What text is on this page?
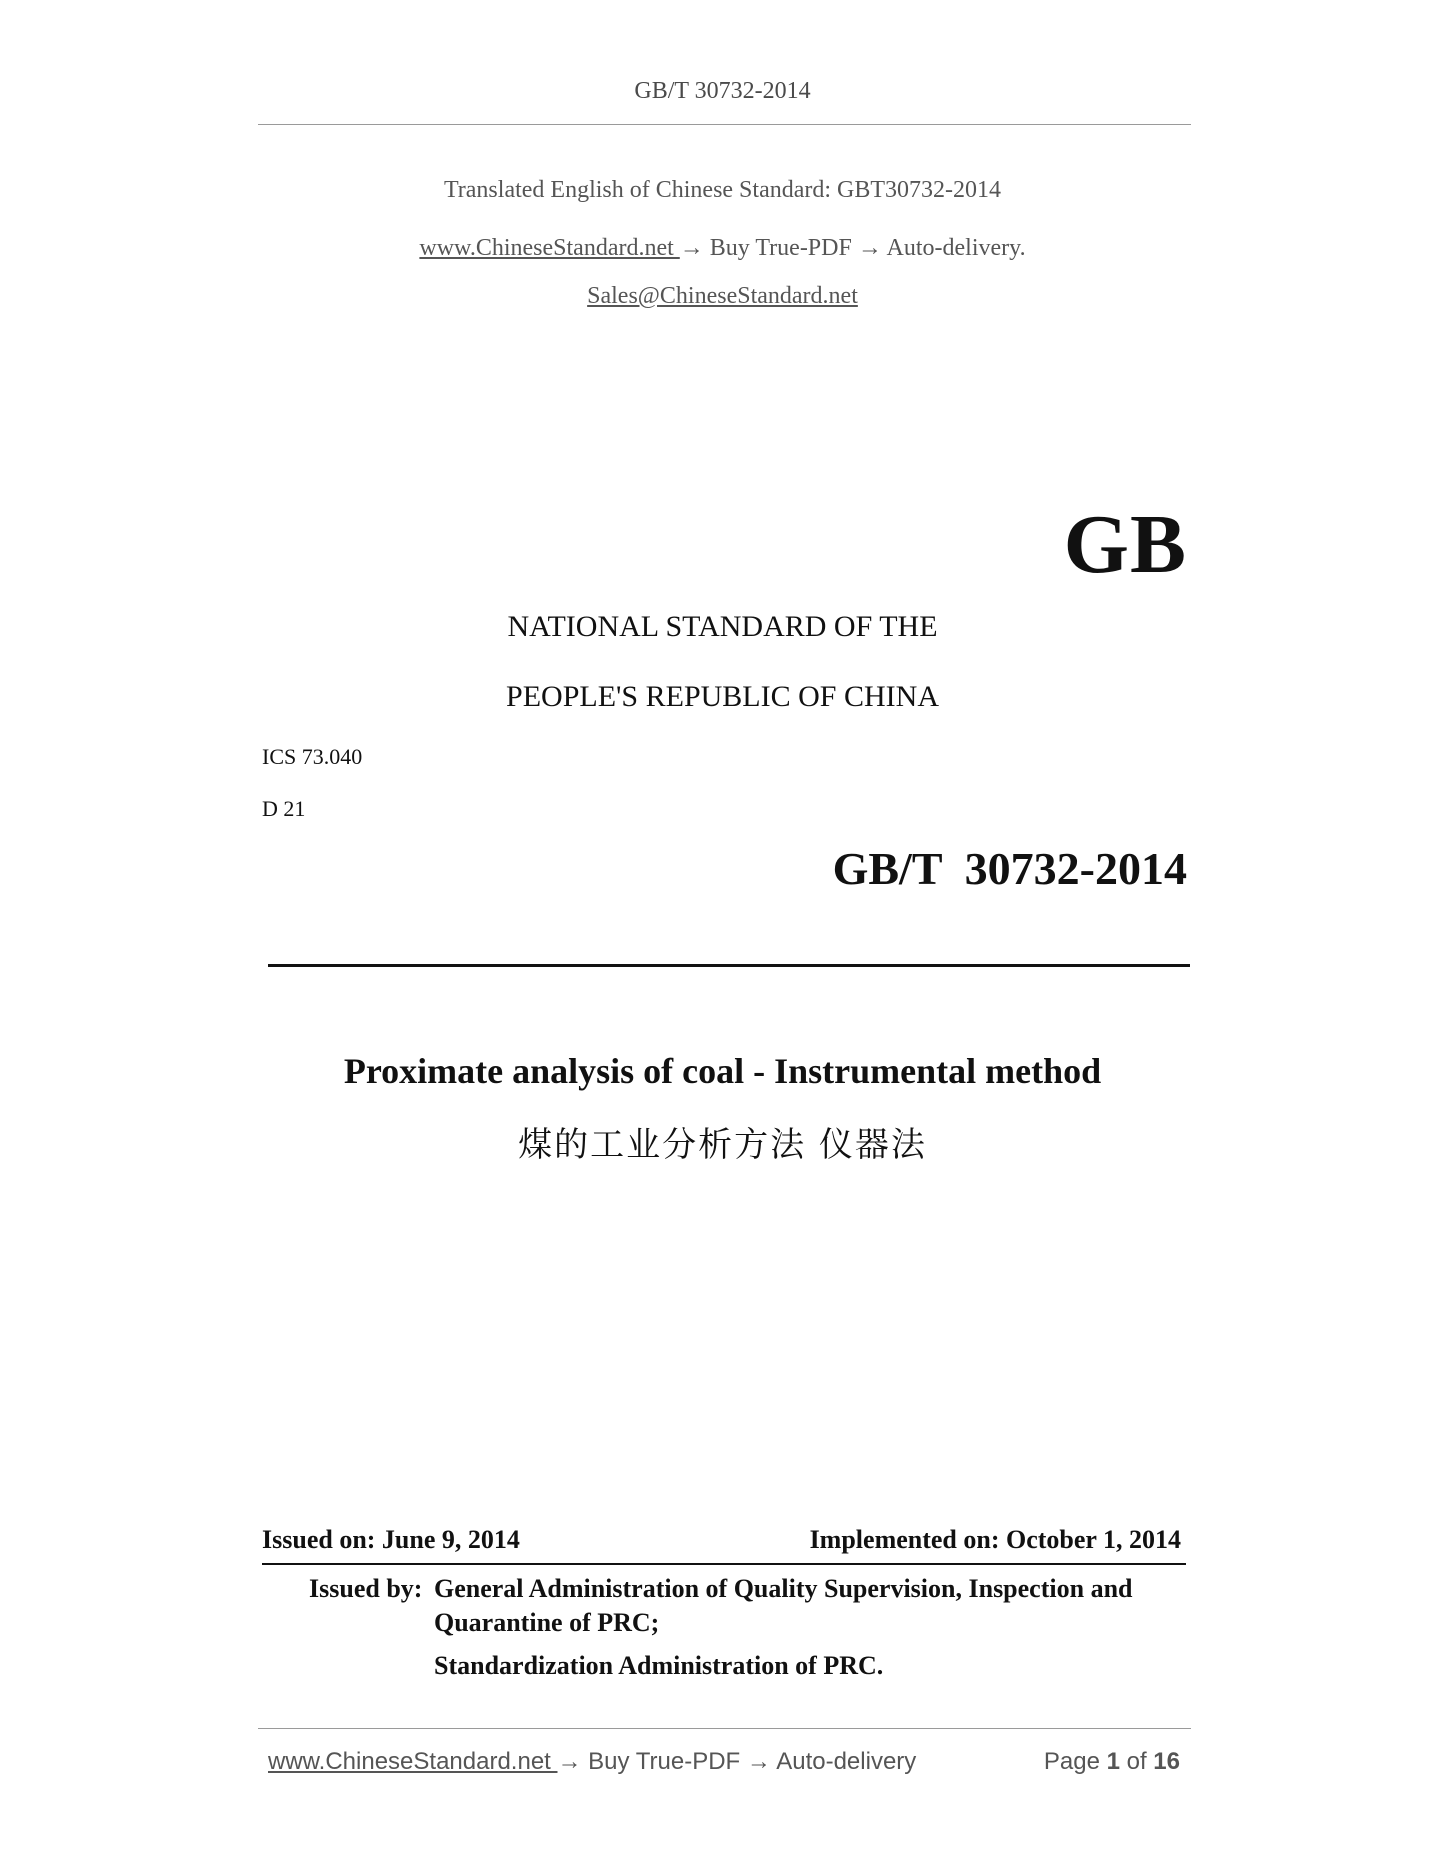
GB/T 30732-2014
Translated English of Chinese Standard: GBT30732-2014
www.ChineseStandard.net → Buy True-PDF → Auto-delivery.
Sales@ChineseStandard.net
GB
NATIONAL STANDARD OF THE
PEOPLE'S REPUBLIC OF CHINA
ICS 73.040
D 21
GB/T  30732-2014
Proximate analysis of coal - Instrumental method
煤的工业分析方法 仪器法
Issued on: June 9, 2014	Implemented on: October 1, 2014
Issued by: General Administration of Quality Supervision, Inspection and
Quarantine of PRC;
Standardization Administration of PRC.
www.ChineseStandard.net → Buy True-PDF → Auto-delivery	Page 1 of 16
